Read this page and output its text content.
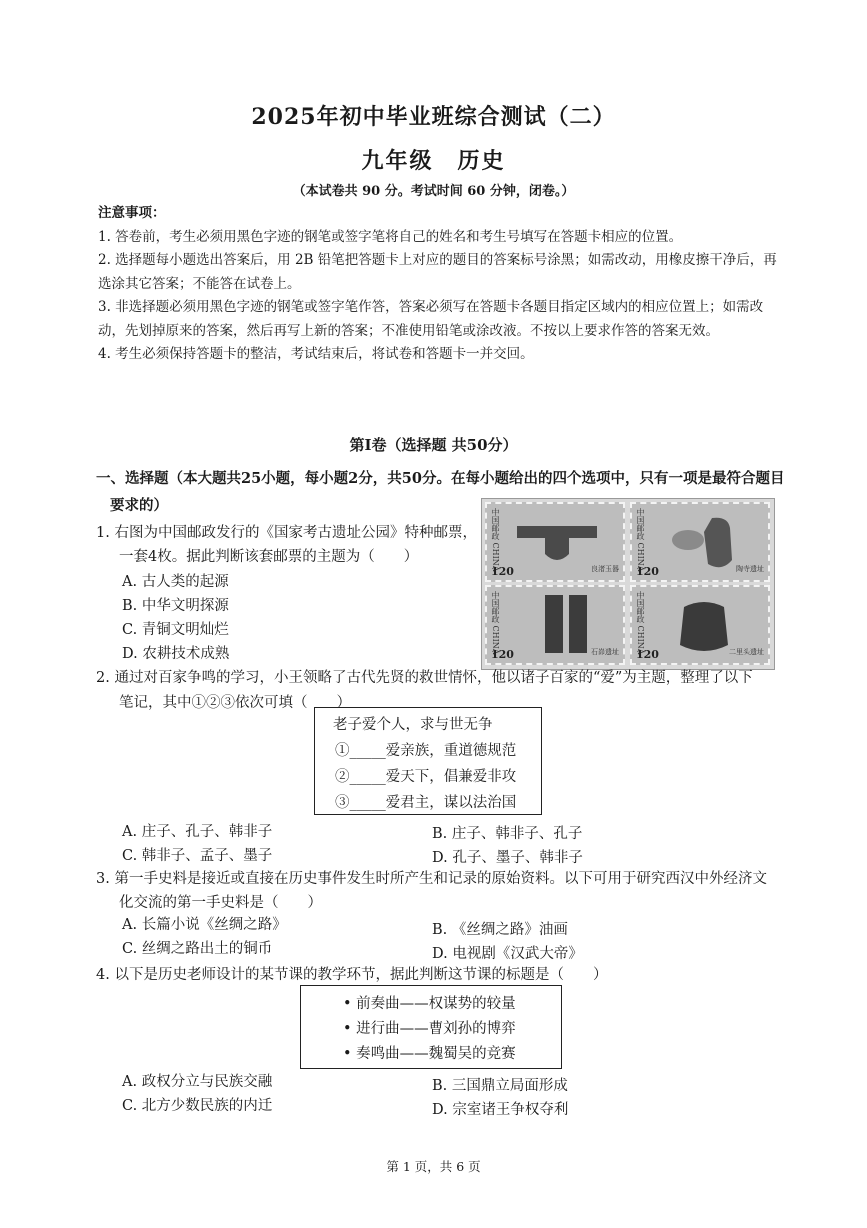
2025年初中毕业班综合测试（二）
九年级　历史
（本试卷共 90 分。考试时间 60 分钟，闭卷。）

注意事项：

1. 答卷前，考生必须用黑色字迹的钢笔或签字笔将自己的姓名和考生号填写在答题卡相应的位置。

2. 选择题每小题选出答案后，用 2B 铅笔把答题卡上对应的题目的答案标号涂黑；如需改动，用橡皮擦干净后，再选涂其它答案；不能答在试卷上。

3. 非选择题必须用黑色字迹的钢笔或签字笔作答，答案必须写在答题卡各题目指定区域内的相应位置上；如需改动，先划掉原来的答案，然后再写上新的答案；不准使用铅笔或涂改液。不按以上要求作答的答案无效。

4. 考生必须保持答题卡的整洁，考试结束后，将试卷和答题卡一并交回。

第Ⅰ卷（选择题 共50分）
一、选择题（本大题共25小题，每小题2分，共50分。在每小题给出的四个选项中，只有一项是最符合题目
要求的）
中国邮政 CHINA	良渚玉器
120	中国邮政 CHINA	陶寺遗址
120
中国邮政 CHINA	石峁遗址
120	中国邮政 CHINA	二里头遗址
120
1. 右图为中国邮政发行的《国家考古遗址公园》特种邮票，
一套4枚。据此判断该套邮票的主题为（　　）
A. 古人类的起源
B. 中华文明探源
C. 青铜文明灿烂
D. 农耕技术成熟
2. 通过对百家争鸣的学习，小王领略了古代先贤的救世情怀，他以诸子百家的“爱”为主题，整理了以下
笔记，其中①②③依次可填（　　）
老子爱个人，求与世无争
①_____爱亲族，重道德规范
②_____爱天下，倡兼爱非攻
③_____爱君主，谋以法治国
A. 庄子、孔子、韩非子	B. 庄子、韩非子、孔子
C. 韩非子、孟子、墨子	D. 孔子、墨子、韩非子
3. 第一手史料是接近或直接在历史事件发生时所产生和记录的原始资料。以下可用于研究西汉中外经济文
化交流的第一手史料是（　　）
A. 长篇小说《丝绸之路》	B. 《丝绸之路》油画
C. 丝绸之路出土的铜币	D. 电视剧《汉武大帝》
4. 以下是历史老师设计的某节课的教学环节，据此判断这节课的标题是（　　）
• 前奏曲——权谋势的较量
• 进行曲——曹刘孙的博弈
• 奏鸣曲——魏蜀吴的竞赛
A. 政权分立与民族交融	B. 三国鼎立局面形成
C. 北方少数民族的内迁	D. 宗室诸王争权夺利
第 1 页，共 6 页
